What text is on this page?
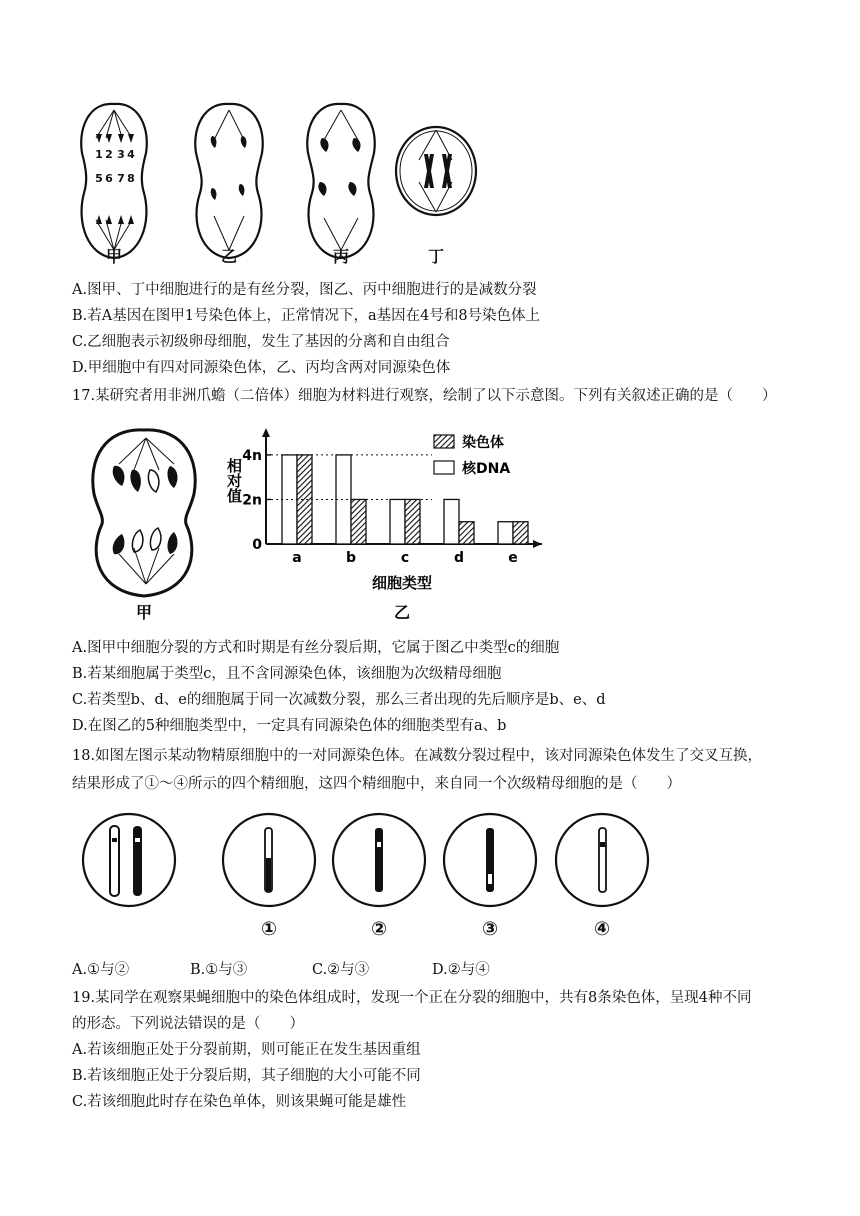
1 2 3 4
5 6 7 8
甲	乙	丙	丁
A.图甲、丁中细胞进行的是有丝分裂，图乙、丙中细胞进行的是减数分裂
B.若A基因在图甲1号染色体上，正常情况下，a基因在4号和8号染色体上
C.乙细胞表示初级卵母细胞，发生了基因的分离和自由组合
D.甲细胞中有四对同源染色体，乙、丙均含两对同源染色体
17.某研究者用非洲爪蟾（二倍体）细胞为材料进行观察，绘制了以下示意图。下列有关叙述正确的是（　　）
甲
0
2n
4n
a	b	c	d	e
相对值
细胞类型
染色体
核DNA
乙
A.图甲中细胞分裂的方式和时期是有丝分裂后期，它属于图乙中类型c的细胞
B.若某细胞属于类型c，且不含同源染色体，该细胞为次级精母细胞
C.若类型b、d、e的细胞属于同一次减数分裂，那么三者出现的先后顺序是b、e、d
D.在图乙的5种细胞类型中，一定具有同源染色体的细胞类型有a、b
18.如图左图示某动物精原细胞中的一对同源染色体。在减数分裂过程中，该对同源染色体发生了交叉互换，
结果形成了①～④所示的四个精细胞，这四个精细胞中，来自同一个次级精母细胞的是（　　）
①	②	③	④
A.①与②	B.①与③	C.②与③	D.②与④
19.某同学在观察果蝇细胞中的染色体组成时，发现一个正在分裂的细胞中，共有8条染色体，呈现4种不同
的形态。下列说法错误的是（　　）
A.若该细胞正处于分裂前期，则可能正在发生基因重组
B.若该细胞正处于分裂后期，其子细胞的大小可能不同
C.若该细胞此时存在染色单体，则该果蝇可能是雄性
